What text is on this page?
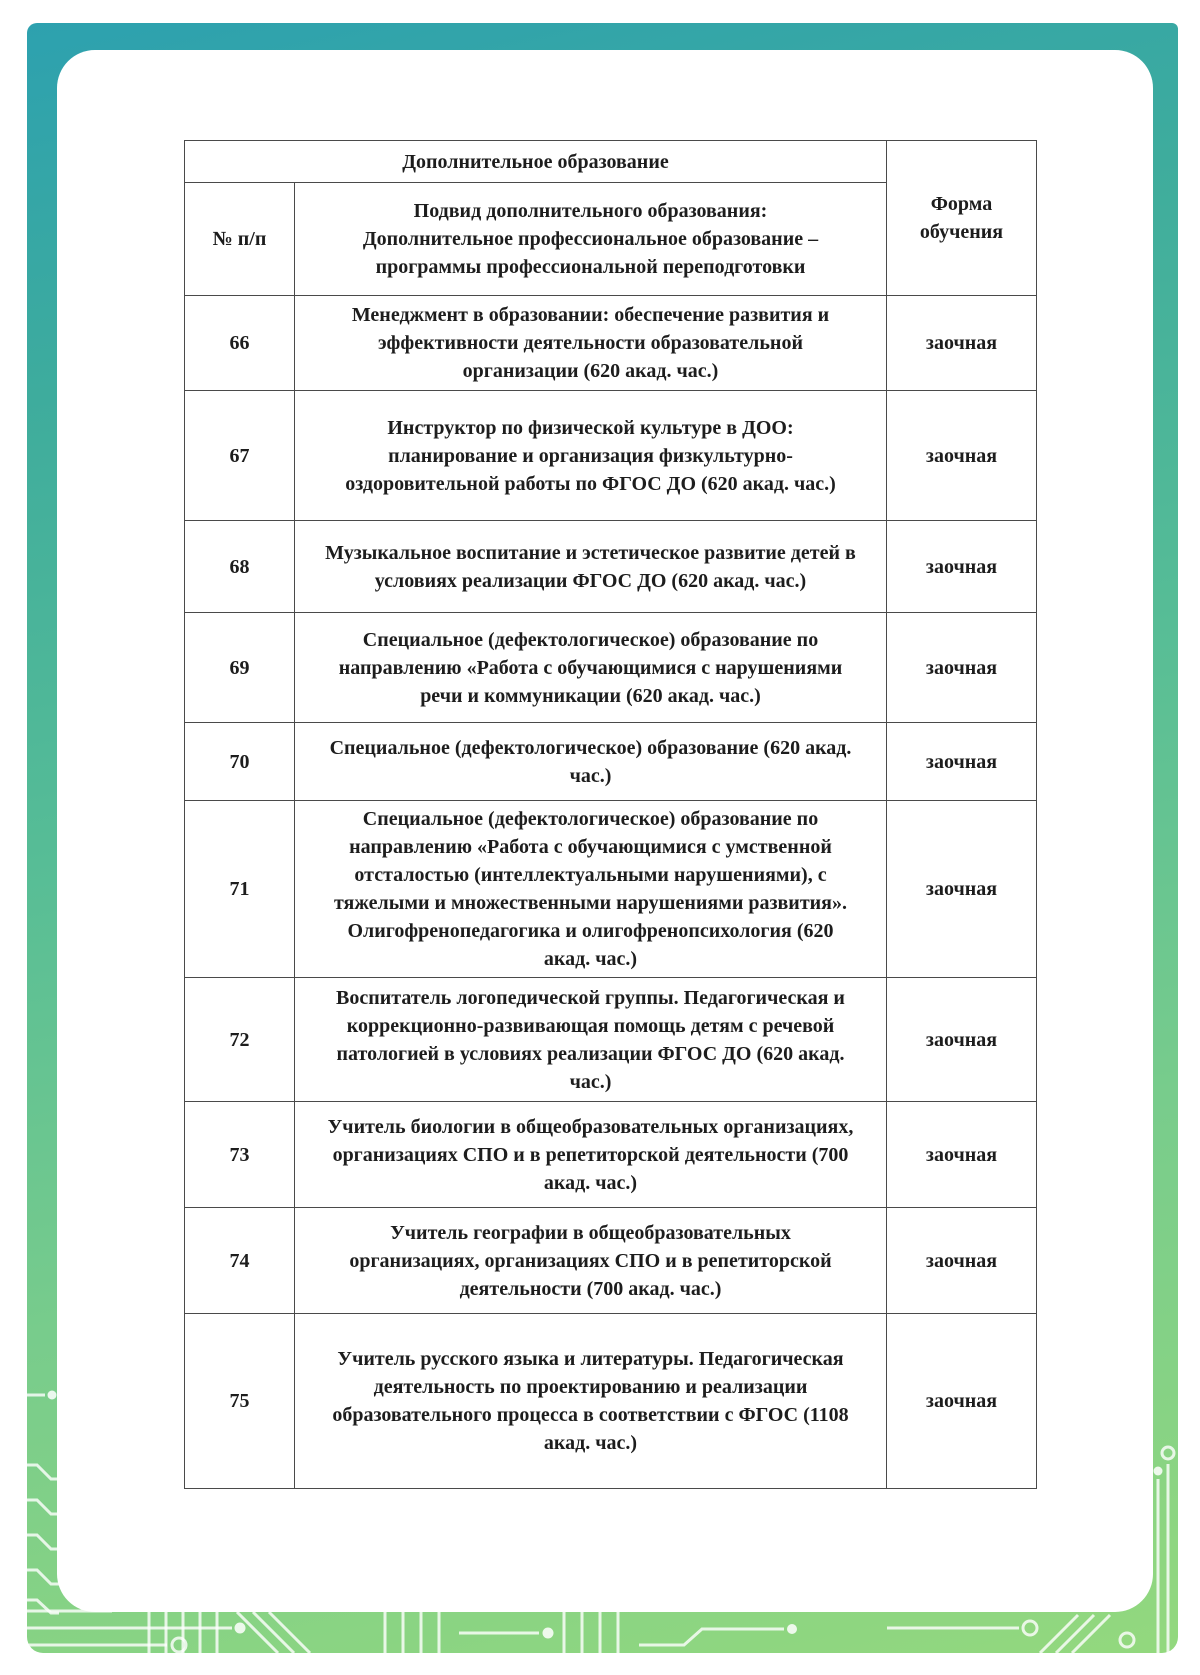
Дополнительное образование		Форма обучения
№ п/п	Подвид дополнительного образования:
Дополнительное профессиональное образование –
программы профессиональной переподготовки	

66	Менеджмент в образовании: обеспечение развития и эффективности деятельности образовательной организации (620 акад. час.)	заочная
67	Инструктор по физической культуре в ДОО: планирование и организация физкультурно-оздоровительной работы по ФГОС ДО (620 акад. час.)	заочная
68	Музыкальное воспитание и эстетическое развитие детей в условиях реализации ФГОС ДО (620 акад. час.)	заочная
69	Специальное (дефектологическое) образование по направлению «Работа с обучающимися с нарушениями речи и коммуникации (620 акад. час.)	заочная
70	Специальное (дефектологическое) образование (620 акад. час.)	заочная
71	Специальное (дефектологическое) образование по направлению «Работа с обучающимися с умственной отсталостью (интеллектуальными нарушениями), с тяжелыми и множественными нарушениями развития». Олигофренопедагогика и олигофренопсихология (620 акад. час.)	заочная
72	Воспитатель логопедической группы. Педагогическая и коррекционно-развивающая помощь детям с речевой патологией в условиях реализации ФГОС ДО (620 акад. час.)	заочная
73	Учитель биологии в общеобразовательных организациях, организациях СПО и в репетиторской деятельности (700 акад. час.)	заочная
74	Учитель географии в общеобразовательных организациях, организациях СПО и в репетиторской деятельности (700 акад. час.)	заочная
75	Учитель русского языка и литературы. Педагогическая деятельность по проектированию и реализации образовательного процесса в соответствии с ФГОС (1108 акад. час.)	заочная
